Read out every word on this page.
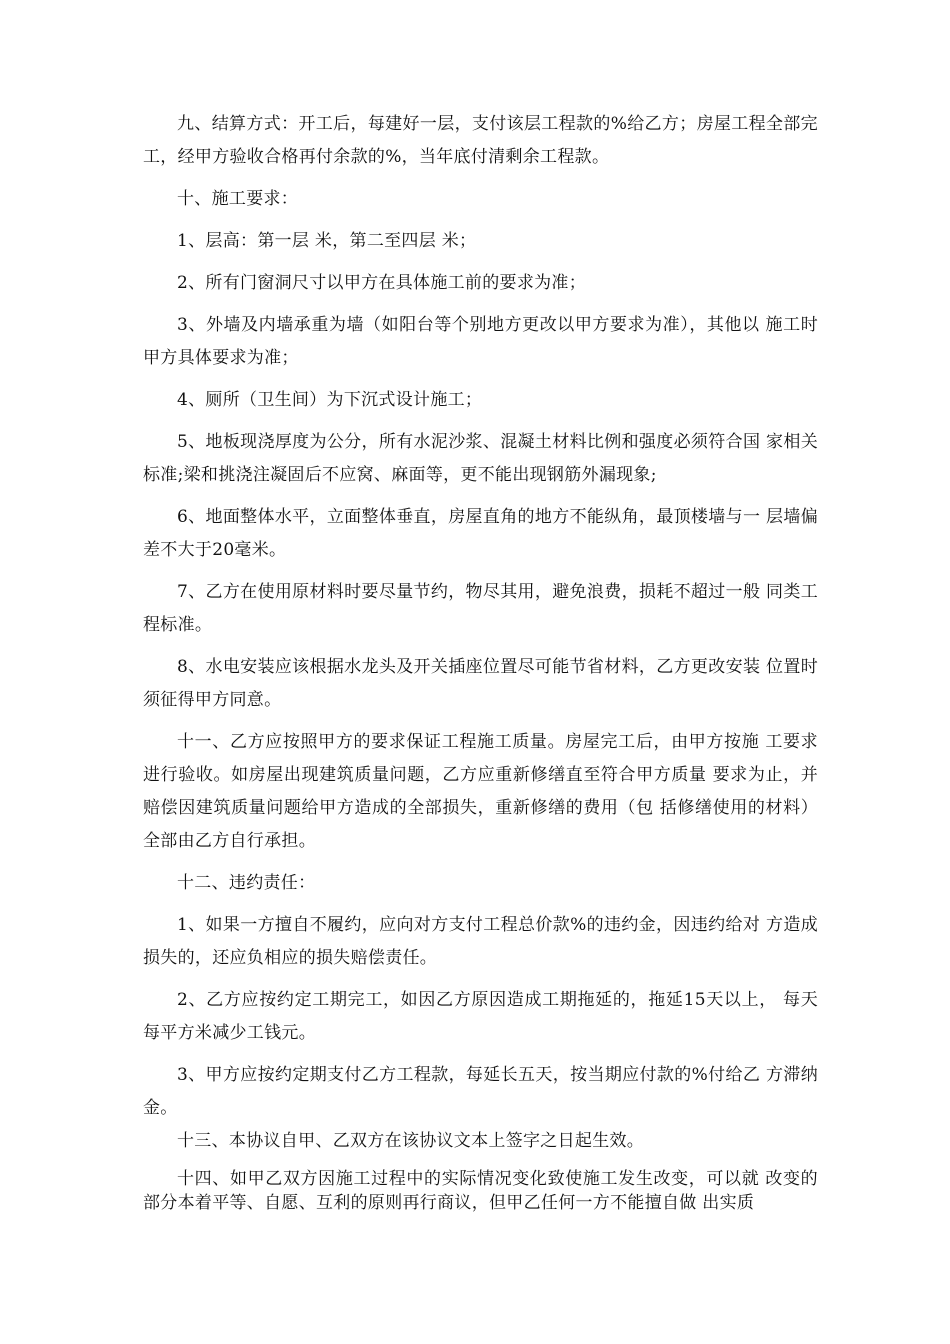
九、结算方式：开工后，每建好一层，支付该层工程款的%给乙方；房屋工程全部完工，经甲方验收合格再付余款的%，当年底付清剩余工程款。

十、施工要求：

1、层高：第一层 米，第二至四层 米；

2、所有门窗洞尺寸以甲方在具体施工前的要求为准；

3、外墙及内墙承重为墙（如阳台等个别地方更改以甲方要求为准），其他以 施工时甲方具体要求为准；

4、厕所（卫生间）为下沉式设计施工；

5、地板现浇厚度为公分，所有水泥沙浆、混凝土材料比例和强度必须符合国 家相关标准;梁和挑浇注凝固后不应窝、麻面等，更不能出现钢筋外漏现象;

6、地面整体水平，立面整体垂直，房屋直角的地方不能纵角，最顶楼墙与一 层墙偏差不大于20毫米。

7、乙方在使用原材料时要尽量节约，物尽其用，避免浪费，损耗不超过一般 同类工程标准。

8、水电安装应该根据水龙头及开关插座位置尽可能节省材料，乙方更改安装 位置时须征得甲方同意。

十一、乙方应按照甲方的要求保证工程施工质量。房屋完工后，由甲方按施 工要求进行验收。如房屋出现建筑质量问题，乙方应重新修缮直至符合甲方质量 要求为止，并赔偿因建筑质量问题给甲方造成的全部损失，重新修缮的费用（包 括修缮使用的材料）全部由乙方自行承担。

十二、违约责任：

1、如果一方擅自不履约，应向对方支付工程总价款%的违约金，因违约给对 方造成损失的，还应负相应的损失赔偿责任。

2、乙方应按约定工期完工，如因乙方原因造成工期拖延的，拖延15天以上， 每天每平方米减少工钱元。

3、甲方应按约定期支付乙方工程款，每延长五天，按当期应付款的%付给乙 方滞纳金。

十三、本协议自甲、乙双方在该协议文本上签字之日起生效。

十四、如甲乙双方因施工过程中的实际情况变化致使施工发生改变，可以就 改变的部分本着平等、自愿、互利的原则再行商议，但甲乙任何一方不能擅自做 出实质
